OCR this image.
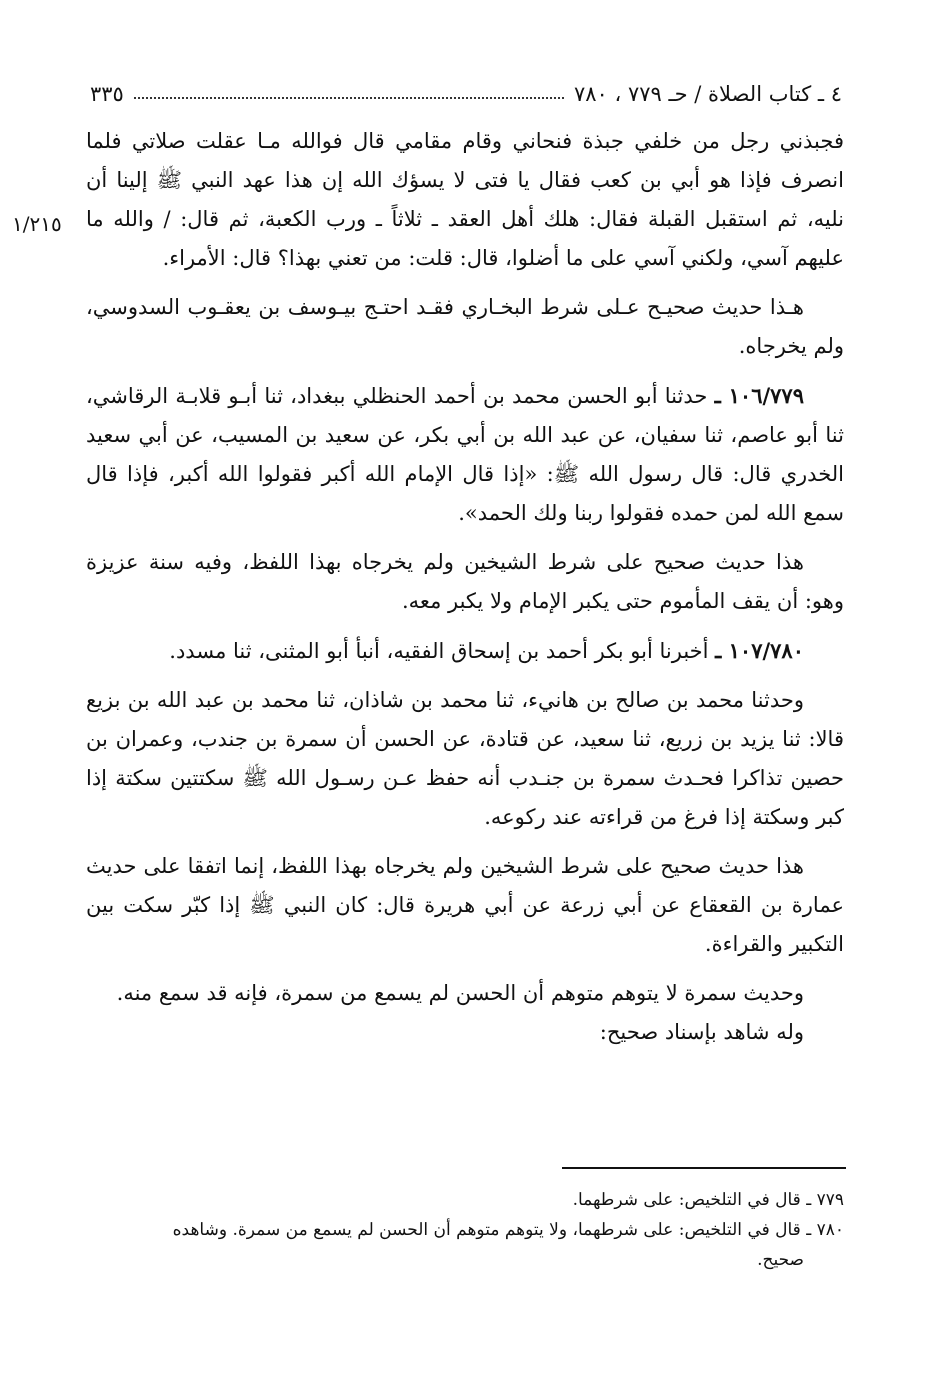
٣٣٥	٤ ـ كتاب الصلاة / حـ ٧٧٩ ، ٧٨٠
١/٢١٥

فجبذني رجل من خلفي جبذة فنحاني وقام مقامي قال فوالله مـا عقلت صلاتي فلما انصرف فإذا هو أبي بن كعب فقال يا فتى لا يسؤك الله إن هذا عهد النبي ﷺ إلينا أن نليه، ثم استقبل القبلة فقال: هلك أهل العقد ـ ثلاثاً ـ ورب الكعبة، ثم قال: / والله ما عليهم آسي، ولكني آسي على ما أضلوا، قال: قلت: من تعني بهذا؟ قال: الأمراء.

هـذا حديث صحيـح عـلى شرط البخـاري فقـد احتـج بيـوسف بن يعقـوب السدوسي، ولم يخرجاه.

١٠٦/٧٧٩ ـ حدثنا أبو الحسن محمد بن أحمد الحنظلي ببغداد، ثنا أبـو قلابـة الرقاشي، ثنا أبو عاصم، ثنا سفيان، عن عبد الله بن أبي بكر، عن سعيد بن المسيب، عن أبي سعيد الخدري قال: قال رسول الله ﷺ: «إذا قال الإمام الله أكبر فقولوا الله أكبر، فإذا قال سمع الله لمن حمده فقولوا ربنا ولك الحمد».

هذا حديث صحيح على شرط الشيخين ولم يخرجاه بهذا اللفظ، وفيه سنة عزيزة وهو: أن يقف المأموم حتى يكبر الإمام ولا يكبر معه.

١٠٧/٧٨٠ ـ أخبرنا أبو بكر أحمد بن إسحاق الفقيه، أنبأ أبو المثنى، ثنا مسدد.

وحدثنا محمد بن صالح بن هانيء، ثنا محمد بن شاذان، ثنا محمد بن عبد الله بن بزيع قالا: ثنا يزيد بن زريع، ثنا سعيد، عن قتادة، عن الحسن أن سمرة بن جندب، وعمران بن حصين تذاكرا فحـدث سمرة بن جنـدب أنه حفظ عـن رسـول الله ﷺ سكتتين سكتة إذا كبر وسكتة إذا فرغ من قراءته عند ركوعه.

هذا حديث صحيح على شرط الشيخين ولم يخرجاه بهذا اللفظ، إنما اتفقا على حديث عمارة بن القعقاع عن أبي زرعة عن أبي هريرة قال: كان النبي ﷺ إذا كبّر سكت بين التكبير والقراءة.

وحديث سمرة لا يتوهم متوهم أن الحسن لم يسمع من سمرة، فإنه قد سمع منه.

وله شاهد بإسناد صحيح:

٧٧٩ ـ قال في التلخيص: على شرطهما.

٧٨٠ ـ قال في التلخيص: على شرطهما، ولا يتوهم متوهم أن الحسن لم يسمع من سمرة. وشاهده

صحيح.
